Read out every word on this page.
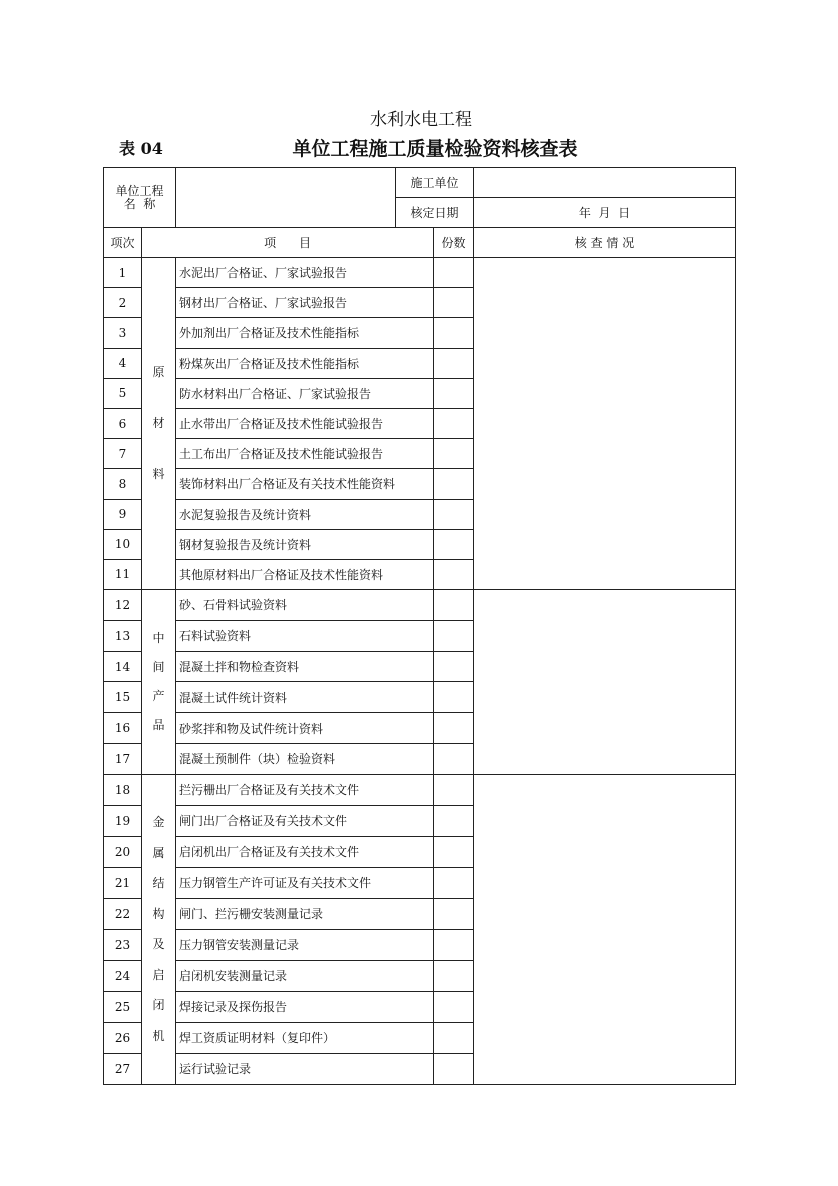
水利水电工程
表 04	单位工程施工质量检验资料核查表
单位工程
名  称			施工单位		
			核定日期		年  月  日
项次	项      目			份数	核 查 情 况
1	原材料	水泥出厂合格证、厂家试验报告			
2		钢材出厂合格证、厂家试验报告			
3		外加剂出厂合格证及技术性能指标			
4		粉煤灰出厂合格证及技术性能指标			
5		防水材料出厂合格证、厂家试验报告			
6		止水带出厂合格证及技术性能试验报告			
7		土工布出厂合格证及技术性能试验报告			
8		装饰材料出厂合格证及有关技术性能资料			
9		水泥复验报告及统计资料			
10		钢材复验报告及统计资料			
11		其他原材料出厂合格证及技术性能资料			
12	中间产品	砂、石骨料试验资料			
13		石料试验资料			
14		混凝土拌和物检查资料			
15		混凝土试件统计资料			
16		砂浆拌和物及试件统计资料			
17		混凝土预制件（块）检验资料			
18	金属结构及启闭机	拦污栅出厂合格证及有关技术文件			
19		闸门出厂合格证及有关技术文件			
20		启闭机出厂合格证及有关技术文件			
21		压力钢管生产许可证及有关技术文件			
22		闸门、拦污栅安装测量记录			
23		压力钢管安装测量记录			
24		启闭机安装测量记录			
25		焊接记录及探伤报告			
26		焊工资质证明材料（复印件）			
27		运行试验记录			
